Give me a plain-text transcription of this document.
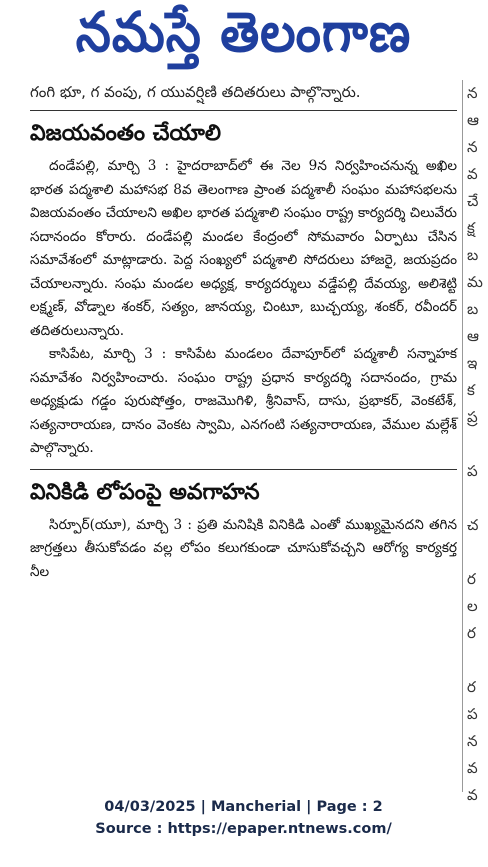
నమస్తే తెలంగాణ
గంగి భూ, గ వంపు, గ యువర్షిణి తదితరులు పాల్గొన్నారు.
విజయవంతం చేయాలి

దండేపల్లి, మార్చి 3 : హైదరాబాద్‌లో ఈ నెల 9న నిర్వహించనున్న అఖిల భారత పద్మశాలి మహాసభ 8వ తెలంగాణ ప్రాంత పద్మశాలీ సంఘం మహాసభలను విజయవంతం చేయాలని అఖిల భారత పద్మశాలి సంఘం రాష్ట్ర కార్యదర్శి చిలువేరు సదానందం కోరారు. దండేపల్లి మండల కేంద్రంలో సోమవారం ఏర్పాటు చేసిన సమావేశంలో మాట్లాడారు. పెద్ద సంఖ్యలో పద్మశాలి సోదరులు హాజరై, జయప్రదం చేయాలన్నారు. సంఘ మండల అధ్యక్ష, కార్యదర్శులు వడ్డేపల్లి దేవయ్య, అలిశెట్టి లక్ష్మణ్, వోడ్నాల శంకర్, సత్యం, జానయ్య, చింటూ, బుచ్చయ్య, శంకర్, రవీందర్ తదితరులున్నారు.

కాసిపేట, మార్చి 3 : కాసిపేట మండలం దేవాపూర్‌లో పద్మశాలీ సన్నాహక సమావేశం నిర్వహించారు. సంఘం రాష్ట్ర ప్రధాన కార్యదర్శి సదానందం, గ్రామ అధ్యక్షుడు గడ్డం పురుషోత్తం, రాజమొగిళి, శ్రీనివాస్, దాసు, ప్రభాకర్, వెంకటేశ్, సత్యనారాయణ, దానం వెంకట స్వామి, ఎనగంటి సత్యనారాయణ, వేముల మల్లేశ్ పాల్గొన్నారు.

వినికిడి లోపంపై అవగాహన

సిర్పూర్(యూ), మార్చి 3 : ప్రతి మనిషికి వినికిడి ఎంతో ముఖ్యమైనదని తగిన జాగ్రత్తలు తీసుకోవడం వల్ల లోపం కలుగకుండా చూసుకోవచ్చని ఆరోగ్య కార్యకర్త నీల

న
ఆ
న
వ
చే
క్ష
బ
మ
బ
ఆ
ఇ
క
ప్ర

ప

చ

ర
ల
ర

ర
ప
న
వ
వ
04/03/2025 | Mancherial | Page : 2
Source : https://epaper.ntnews.com/
